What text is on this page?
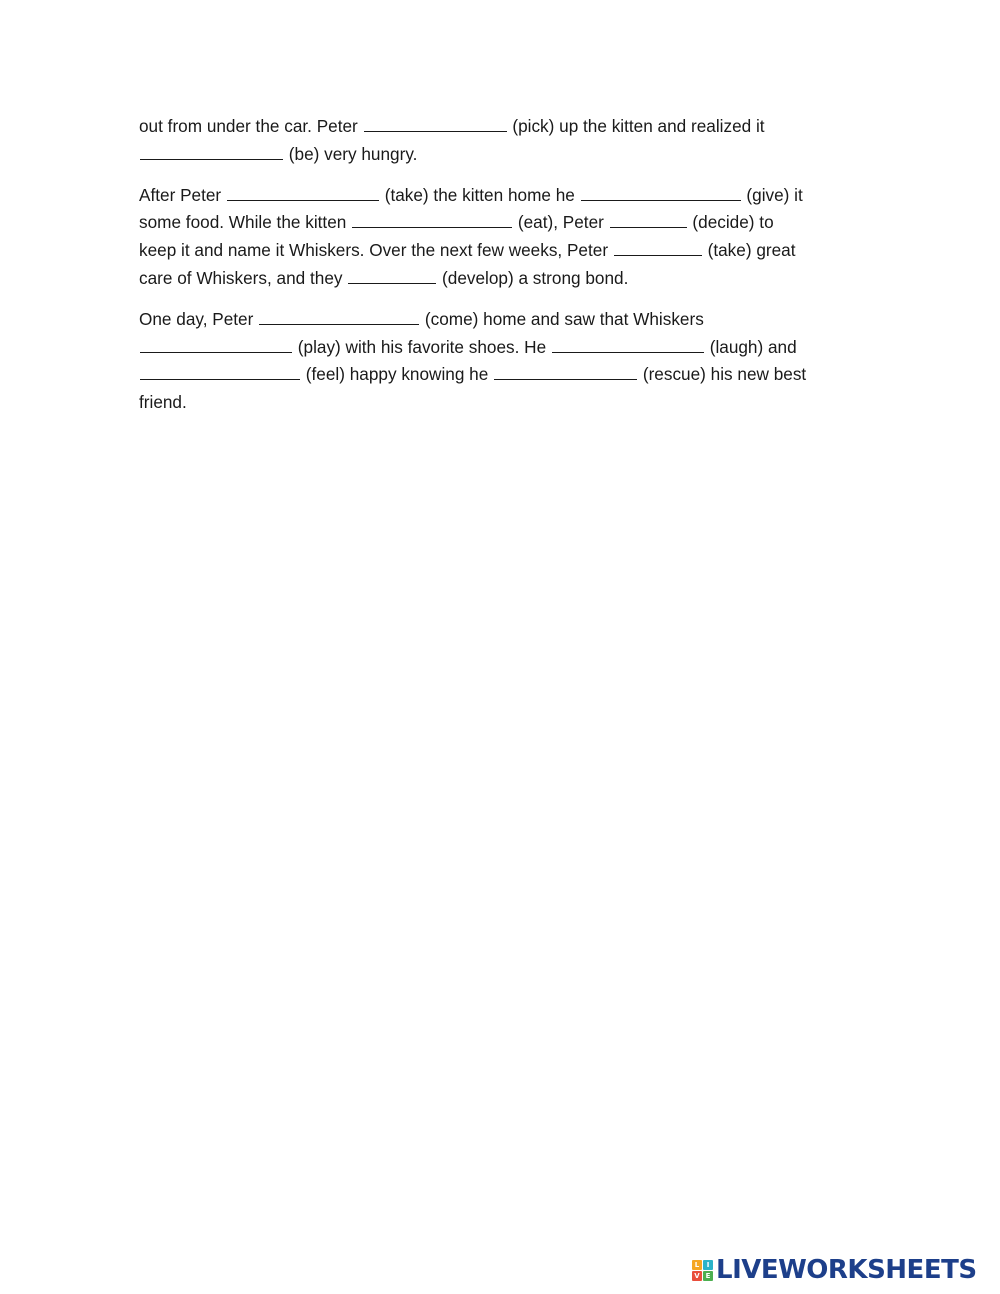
out from under the car. Peter	(pick) up the kitten and realized it
(be) very hungry.

After Peter	(take) the kitten home he	(give) it
some food. While the kitten	(eat), Peter	(decide) to
keep it and name it Whiskers. Over the next few weeks, Peter	(take) great
care of Whiskers, and they	(develop) a strong bond.

One day, Peter	(come) home and saw that Whiskers
(play) with his favorite shoes. He	(laugh) and
(feel) happy knowing he	(rescue) his new best
friend.

L	I
V E LIVEWORKSHEETS
